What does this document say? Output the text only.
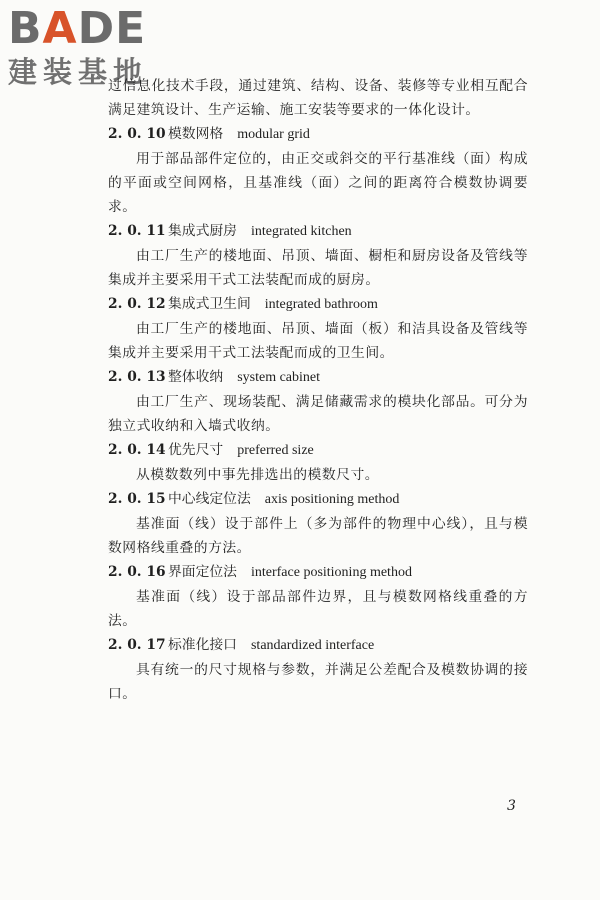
BADE
建装基地
过信息化技术手段，通过建筑、结构、设备、装修等专业相互配合满足建筑设计、生产运输、施工安装等要求的一体化设计。
2. 0. 10 模数网格 modular grid
用于部品部件定位的，由正交或斜交的平行基准线（面）构成的平面或空间网格，且基准线（面）之间的距离符合模数协调要求。
2. 0. 11 集成式厨房 integrated kitchen
由工厂生产的楼地面、吊顶、墙面、橱柜和厨房设备及管线等集成并主要采用干式工法装配而成的厨房。
2. 0. 12 集成式卫生间 integrated bathroom
由工厂生产的楼地面、吊顶、墙面（板）和洁具设备及管线等集成并主要采用干式工法装配而成的卫生间。
2. 0. 13 整体收纳 system cabinet
由工厂生产、现场装配、满足储藏需求的模块化部品。可分为独立式收纳和入墙式收纳。
2. 0. 14 优先尺寸 preferred size
从模数数列中事先排选出的模数尺寸。
2. 0. 15 中心线定位法 axis positioning method
基准面（线）设于部件上（多为部件的物理中心线），且与模数网格线重叠的方法。
2. 0. 16 界面定位法 interface positioning method
基准面（线）设于部品部件边界，且与模数网格线重叠的方法。
2. 0. 17 标准化接口 standardized interface
具有统一的尺寸规格与参数，并满足公差配合及模数协调的接口。
3
